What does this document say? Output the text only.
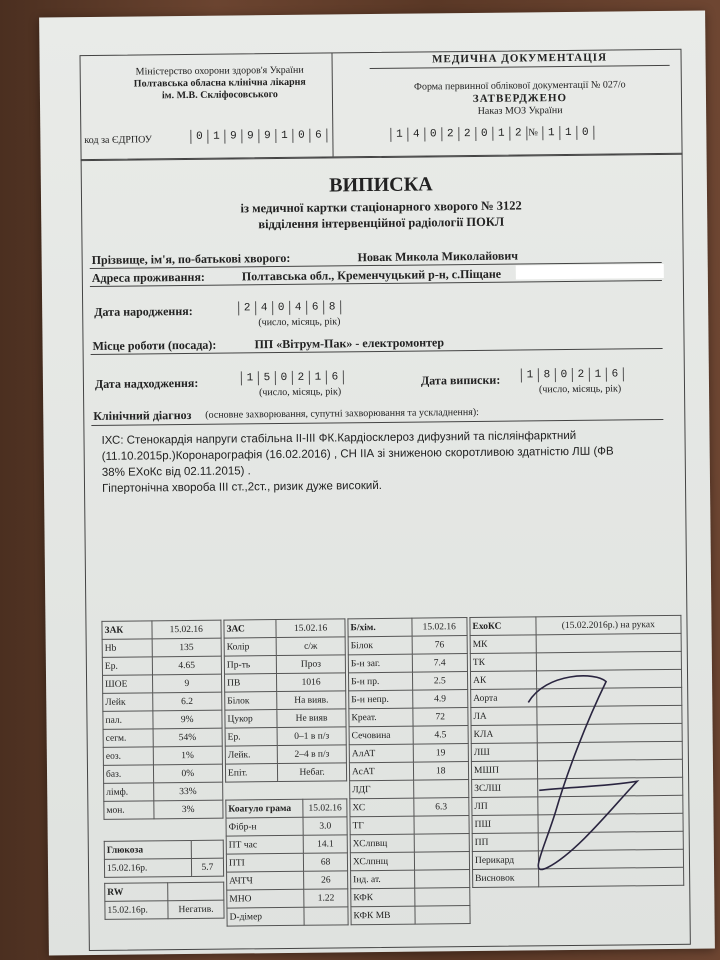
Міністерство охорони здоров'я України
Полтавська обласна клінічна лікарня
ім. М.В. Скліфосовського
код за ЄДРПОУ	0 1 9 9 9 1 0 6
МЕДИЧНА ДОКУМЕНТАЦІЯ
Форма первинної облікової документації № 027/о
ЗАТВЕРДЖЕНО
Наказ МОЗ України
1 4 0 2 2 0 1 2 № 1 1 0
ВИПИСКА
із медичної картки стаціонарного хворого № 3122
відділення інтервенційної радіології ПОКЛ
Прізвище, ім'я, по-батькові хворого:	Новак Микола Миколайович
Адреса проживання:	Полтавська обл., Кременчуцький р-н, с.Піщане
Дата народження:	2 4 0 4 6 8
(число, місяць, рік)
Місце роботи (посада):	ПП «Вітрум-Пак» - електромонтер
Дата надходження:	1 5 0 2 1 6
(число, місяць, рік)
Дата виписки:	1 8 0 2 1 6
(число, місяць, рік)
Клінічний діагноз (основне захворювання, супутні захворювання та ускладнення):
ІХС: Стенокардія напруги стабільна ІІ-ІІІ ФК.Кардіосклероз дифузний та післяінфарктний
(11.10.2015р.)Коронарографія (16.02.2016) , СН ІІА зі зниженою скоротливою здатністю ЛШ (ФВ
38% ЕХоКс від 02.11.2015) .
Гіпертонічна хвороба ІІІ ст.,2ст., ризик дуже високий.
ЗАК	15.02.16
Hb	135
Ер.	4.65
ШОЕ	9
Лейк	6.2
пал.	9%
сегм.	54%
еоз.	1%
баз.	0%
лімф.	33%
мон.	3%
Глюкоза	
15.02.16р.	5.7
RW	
15.02.16р.	Негатив.
ЗАС	15.02.16
Колір	с/ж
Пр-ть	Проз
ПВ	1016
Білок	На вияв.
Цукор	Не вияв
Ер.	0–1 в п/з
Лейк.	2–4 в п/з
Епіт.	Небаг.
Коагуло грама	15.02.16
Фібр-н	3.0
ПТ час	14.1
ПТІ	68
АЧТЧ	26
МНО	1.22
D-дімер	
Б/хім.	15.02.16
Білок	76
Б-н заг.	7.4
Б-н пр.	2.5
Б-н непр.	4.9
Креат.	72
Сечовина	4.5
АлАТ	19
АсАТ	18
ЛДГ	
ХС	6.3
ТГ	
ХСлпвщ	
ХСлпнщ	
Інд. ат.	
КФК	
КФК МВ	
ЕхоКС	(15.02.2016р.) на руках
МК	
ТК	
АК	
Аорта	
ЛА	
КЛА	
ЛШ	
МШП	
ЗСЛШ	
ЛП	
ПШ	
ПП	
Перикард	
Висновок	
